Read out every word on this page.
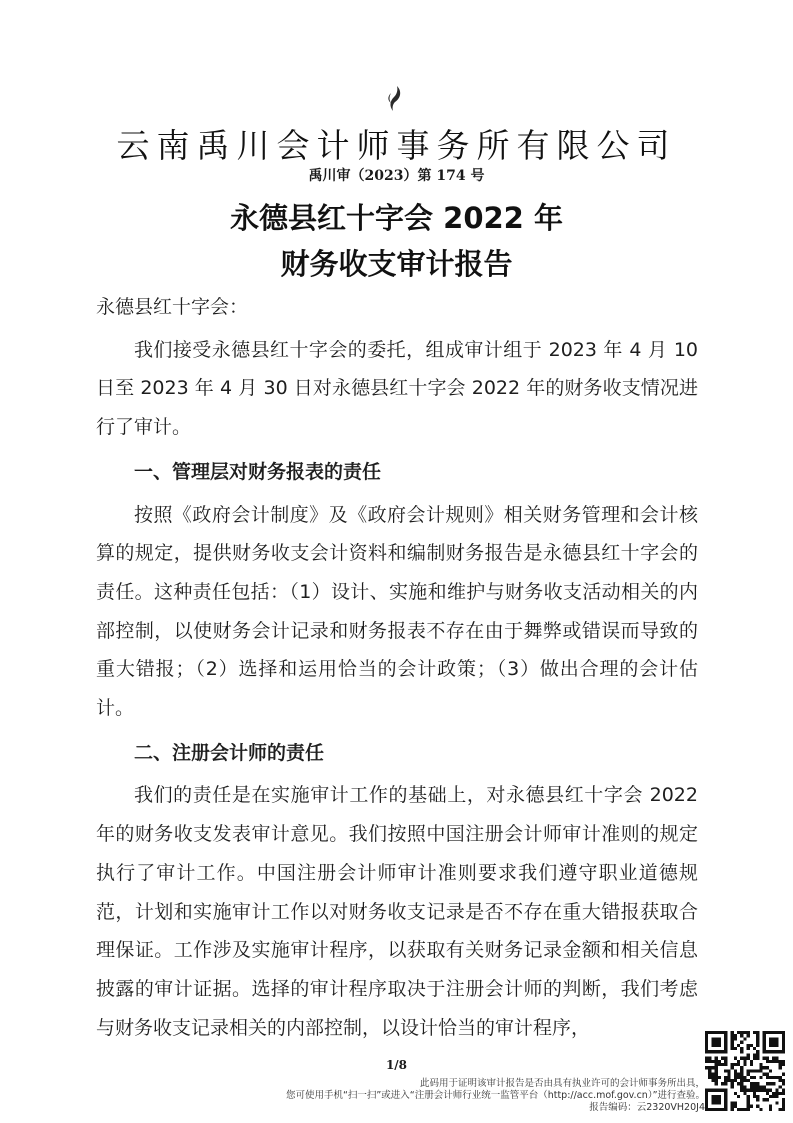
云南禹川会计师事务所有限公司
禹川审（2023）第 174 号
永德县红十字会 2022 年
财务收支审计报告

永德县红十字会：

我们接受永德县红十字会的委托，组成审计组于 2023 年 4 月 10 日至 2023 年 4 月 30 日对永德县红十字会 2022 年的财务收支情况进行了审计。

一、管理层对财务报表的责任

按照《政府会计制度》及《政府会计规则》相关财务管理和会计核算的规定，提供财务收支会计资料和编制财务报告是永德县红十字会的责任。这种责任包括：（1）设计、实施和维护与财务收支活动相关的内部控制，以使财务会计记录和财务报表不存在由于舞弊或错误而导致的重大错报；（2）选择和运用恰当的会计政策；（3）做出合理的会计估计。

二、注册会计师的责任

我们的责任是在实施审计工作的基础上，对永德县红十字会 2022 年的财务收支发表审计意见。我们按照中国注册会计师审计准则的规定执行了审计工作。中国注册会计师审计准则要求我们遵守职业道德规范，计划和实施审计工作以对财务收支记录是否不存在重大错报获取合理保证。工作涉及实施审计程序，以获取有关财务记录金额和相关信息披露的审计证据。选择的审计程序取决于注册会计师的判断，我们考虑与财务收支记录相关的内部控制，以设计恰当的审计程序，

1/8
此码用于证明该审计报告是否由具有执业许可的会计师事务所出具，
您可使用手机“扫一扫”或进入“注册会计师行业统一监管平台（http://acc.mof.gov.cn）”进行查验。
报告编码：云2320VH20J4
